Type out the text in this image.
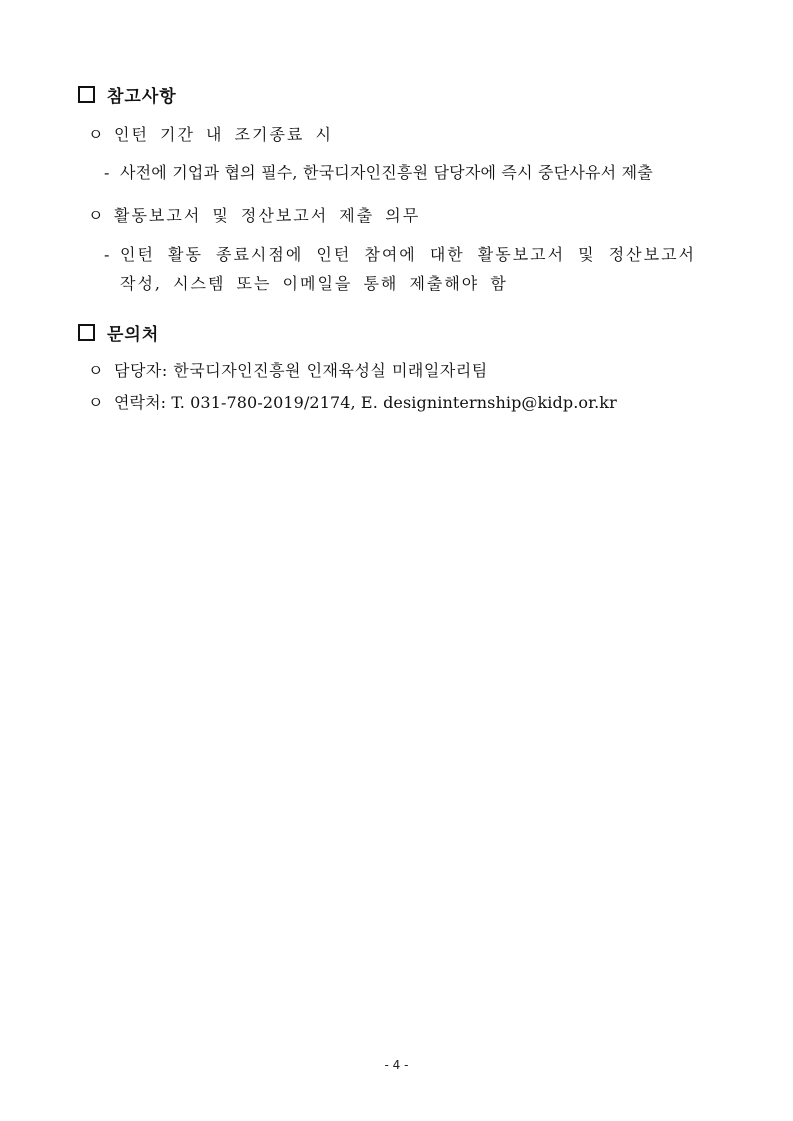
참고사항
ㅇ 인턴 기간 내 조기종료 시
- 사전에 기업과 협의 필수, 한국디자인진흥원 담당자에 즉시 중단사유서 제출
ㅇ 활동보고서 및 정산보고서 제출 의무
- 인턴 활동 종료시점에 인턴 참여에 대한 활동보고서 및 정산보고서
작성, 시스템 또는 이메일을 통해 제출해야 함
문의처
ㅇ 담당자: 한국디자인진흥원 인재육성실 미래일자리팀
ㅇ 연락처: T. 031-780-2019/2174, E. designinternship@kidp.or.kr
- 4 -
